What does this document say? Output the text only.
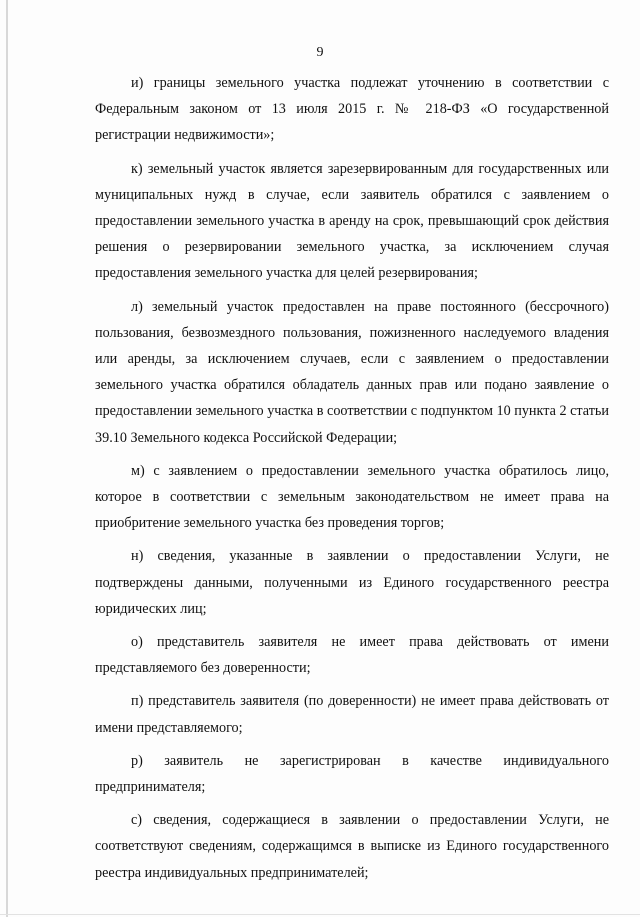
9

и) границы земельного участка подлежат уточнению в соответствии с Федеральным законом от 13 июля 2015 г. № 218-ФЗ «О государственной регистрации недвижимости»;

к) земельный участок является зарезервированным для государственных или муниципальных нужд в случае, если заявитель обратился с заявлением о предоставлении земельного участка в аренду на срок, превышающий срок действия решения о резервировании земельного участка, за исключением случая предоставления земельного участка для целей резервирования;

л) земельный участок предоставлен на праве постоянного (бессрочного) пользования, безвозмездного пользования, пожизненного наследуемого владения или аренды, за исключением случаев, если с заявлением о предоставлении земельного участка обратился обладатель данных прав или подано заявление о предоставлении земельного участка в соответствии с подпунктом 10 пункта 2 статьи 39.10 Земельного кодекса Российской Федерации;

м) с заявлением о предоставлении земельного участка обратилось лицо, которое в соответствии с земельным законодательством не имеет права на приобритение земельного участка без проведения торгов;

н) сведения, указанные в заявлении о предоставлении Услуги, не подтверждены данными, полученными из Единого государственного реестра юридических лиц;

о) представитель заявителя не имеет права действовать от имени представляемого без доверенности;

п) представитель заявителя (по доверенности) не имеет права действовать от имени представляемого;

р) заявитель не зарегистрирован в качестве индивидуального предпринимателя;

с) сведения, содержащиеся в заявлении о предоставлении Услуги, не соответствуют сведениям, содержащимся в выписке из Единого государственного реестра индивидуальных предпринимателей;
